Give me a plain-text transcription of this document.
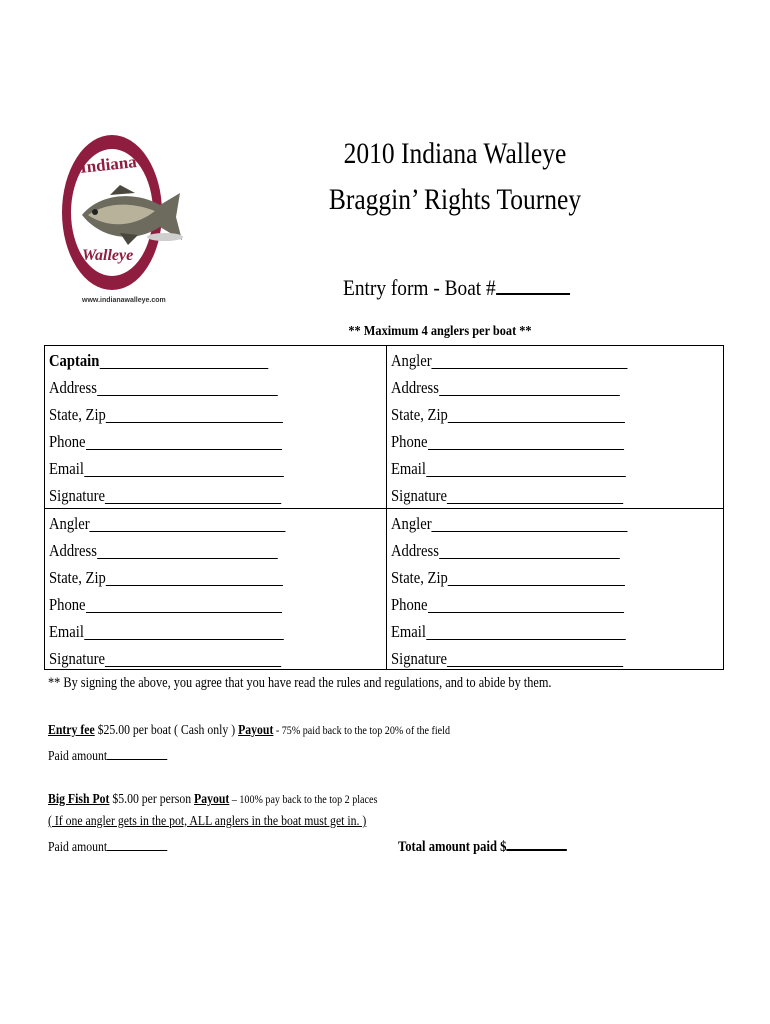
Indiana
Walleye
www.indianawalleye.com
2010 Indiana Walleye
Braggin’ Rights Tourney
Entry form - Boat #
** Maximum 4 anglers per boat **
Captain
Address
State, Zip
Phone
Email
Signature
Angler
Address
State, Zip
Phone
Email
Signature
Angler
Address
State, Zip
Phone
Email
Signature
Angler
Address
State, Zip
Phone
Email
Signature
** By signing the above, you agree that you have read the rules and regulations, and to abide by them.
Entry fee $25.00 per boat ( Cash only ) Payout - 75% paid back to the top 20% of the field
Paid amount
Big Fish Pot $5.00 per person Payout – 100% pay back to the top 2 places
( If one angler gets in the pot, ALL anglers in the boat must get in. )
Paid amount	Total amount paid $
